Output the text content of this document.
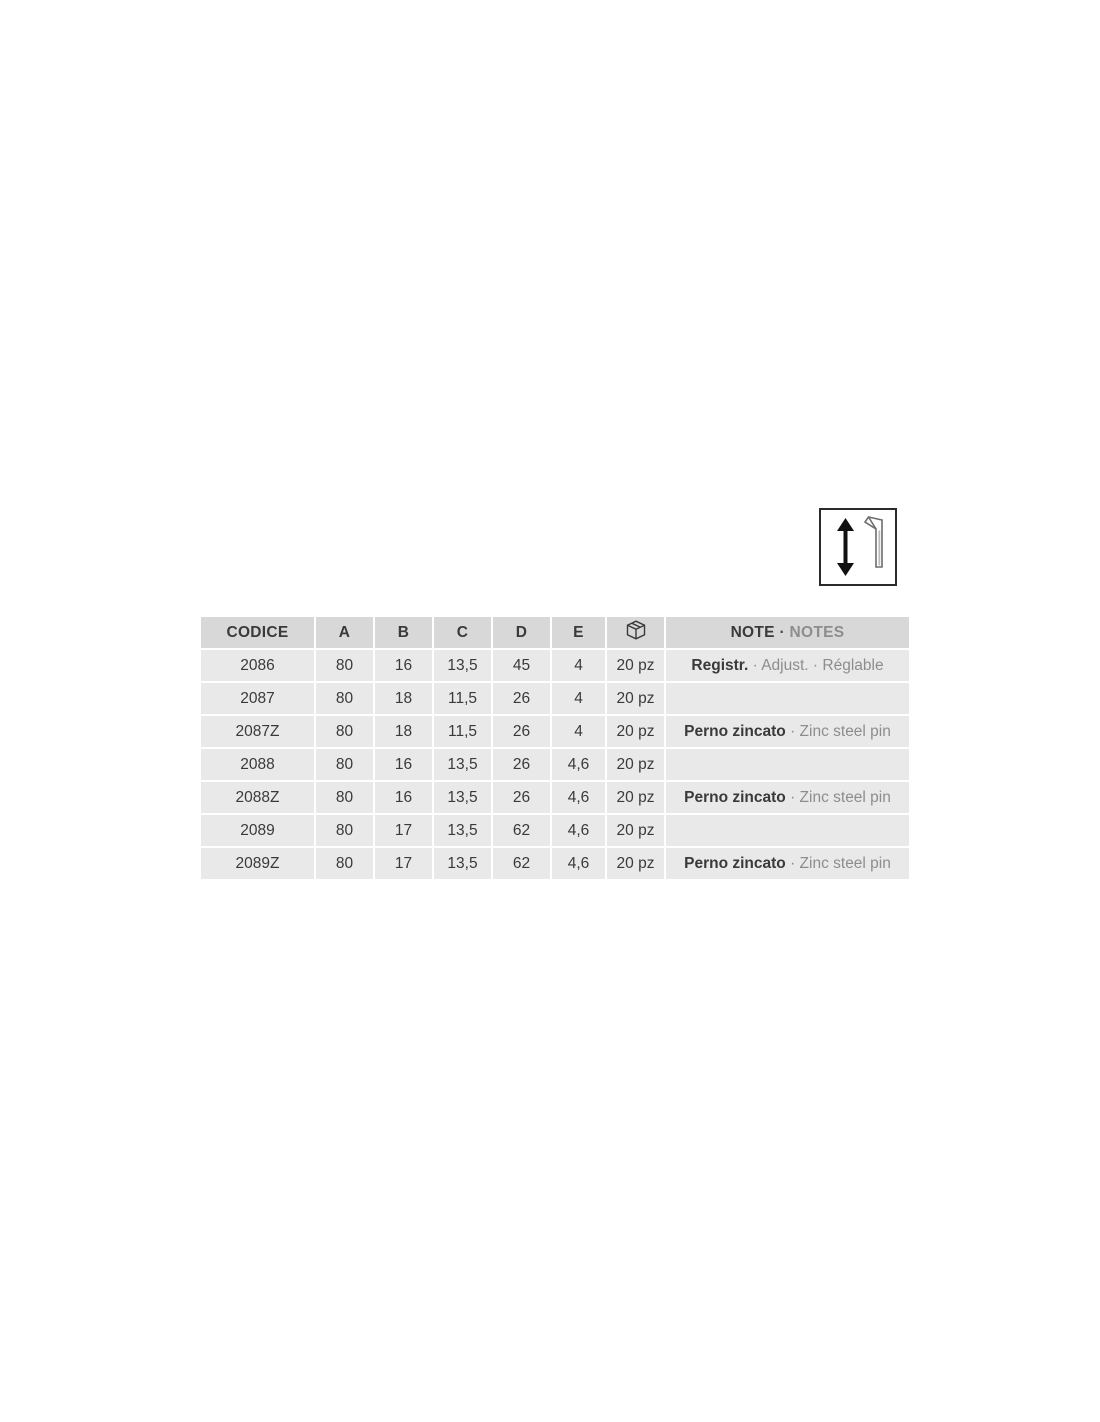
CODICE	A	B	C	D	E		NOTE · NOTES
2086	80	16	13,5	45	4	20 pz	Registr. · Adjust. · Réglable
2087	80	18	11,5	26	4	20 pz	
2087Z	80	18	11,5	26	4	20 pz	Perno zincato · Zinc steel pin
2088	80	16	13,5	26	4,6	20 pz	
2088Z	80	16	13,5	26	4,6	20 pz	Perno zincato · Zinc steel pin
2089	80	17	13,5	62	4,6	20 pz	
2089Z	80	17	13,5	62	4,6	20 pz	Perno zincato · Zinc steel pin
